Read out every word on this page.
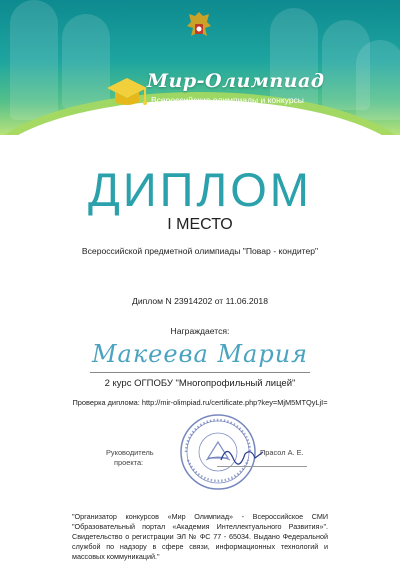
Мир-Олимпиад
Всероссийские олимпиады и конкурсы
ДИПЛОМ
I МЕСТО
Всероссийской предметной олимпиады "Повар - кондитер"
Диплом N 23914202 от 11.06.2018
Награждается:
Макеева Мария
2 курс ОГПОБУ "Многопрофильный лицей"
Проверка диплома: http://mir-olimpiad.ru/certificate.php?key=MjM5MTQyLjI=
Руководитель
проекта:
Прасол А. Е.
"Организатор конкурсов «Мир Олимпиад» - Всероссийское СМИ "Образовательный портал «Академия Интеллектуального Развития»". Свидетельство о регистрации ЭЛ № ФС 77 - 65034. Выдано Федеральной службой по надзору в сфере связи, информационных технологий и массовых коммуникаций."
